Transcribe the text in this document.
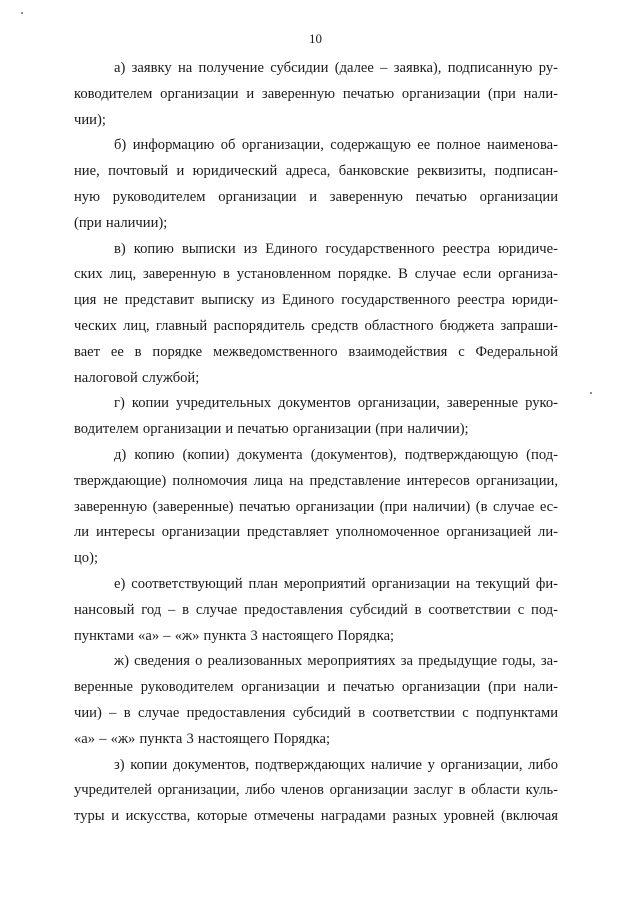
10

а) заявку на получение субсидии (далее – заявка), подписанную ру-
ководителем организации и заверенную печатью организации (при нали-
чии);

б) информацию об организации, содержащую ее полное наименова-
ние, почтовый и юридический адреса, банковские реквизиты, подписан-
ную руководителем организации и заверенную печатью организации
(при наличии);

в) копию выписки из Единого государственного реестра юридиче-
ских лиц, заверенную в установленном порядке. В случае если организа-
ция не представит выписку из Единого государственного реестра юриди-
ческих лиц, главный распорядитель средств областного бюджета запраши-
вает ее в порядке межведомственного взаимодействия с Федеральной
налоговой службой;

г) копии учредительных документов организации, заверенные руко-
водителем организации и печатью организации (при наличии);

д) копию (копии) документа (документов), подтверждающую (под-
тверждающие) полномочия лица на представление интересов организации,
заверенную (заверенные) печатью организации (при наличии) (в случае ес-
ли интересы организации представляет уполномоченное организацией ли-
цо);

е) соответствующий план мероприятий организации на текущий фи-
нансовый год – в случае предоставления субсидий в соответствии с под-
пунктами «а» – «ж» пункта 3 настоящего Порядка;

ж) сведения о реализованных мероприятиях за предыдущие годы, за-
веренные руководителем организации и печатью организации (при нали-
чии) – в случае предоставления субсидий в соответствии с подпунктами
«а» – «ж» пункта 3 настоящего Порядка;

з) копии документов, подтверждающих наличие у организации, либо
учредителей организации, либо членов организации заслуг в области куль-
туры и искусства, которые отмечены наградами разных уровней (включая
